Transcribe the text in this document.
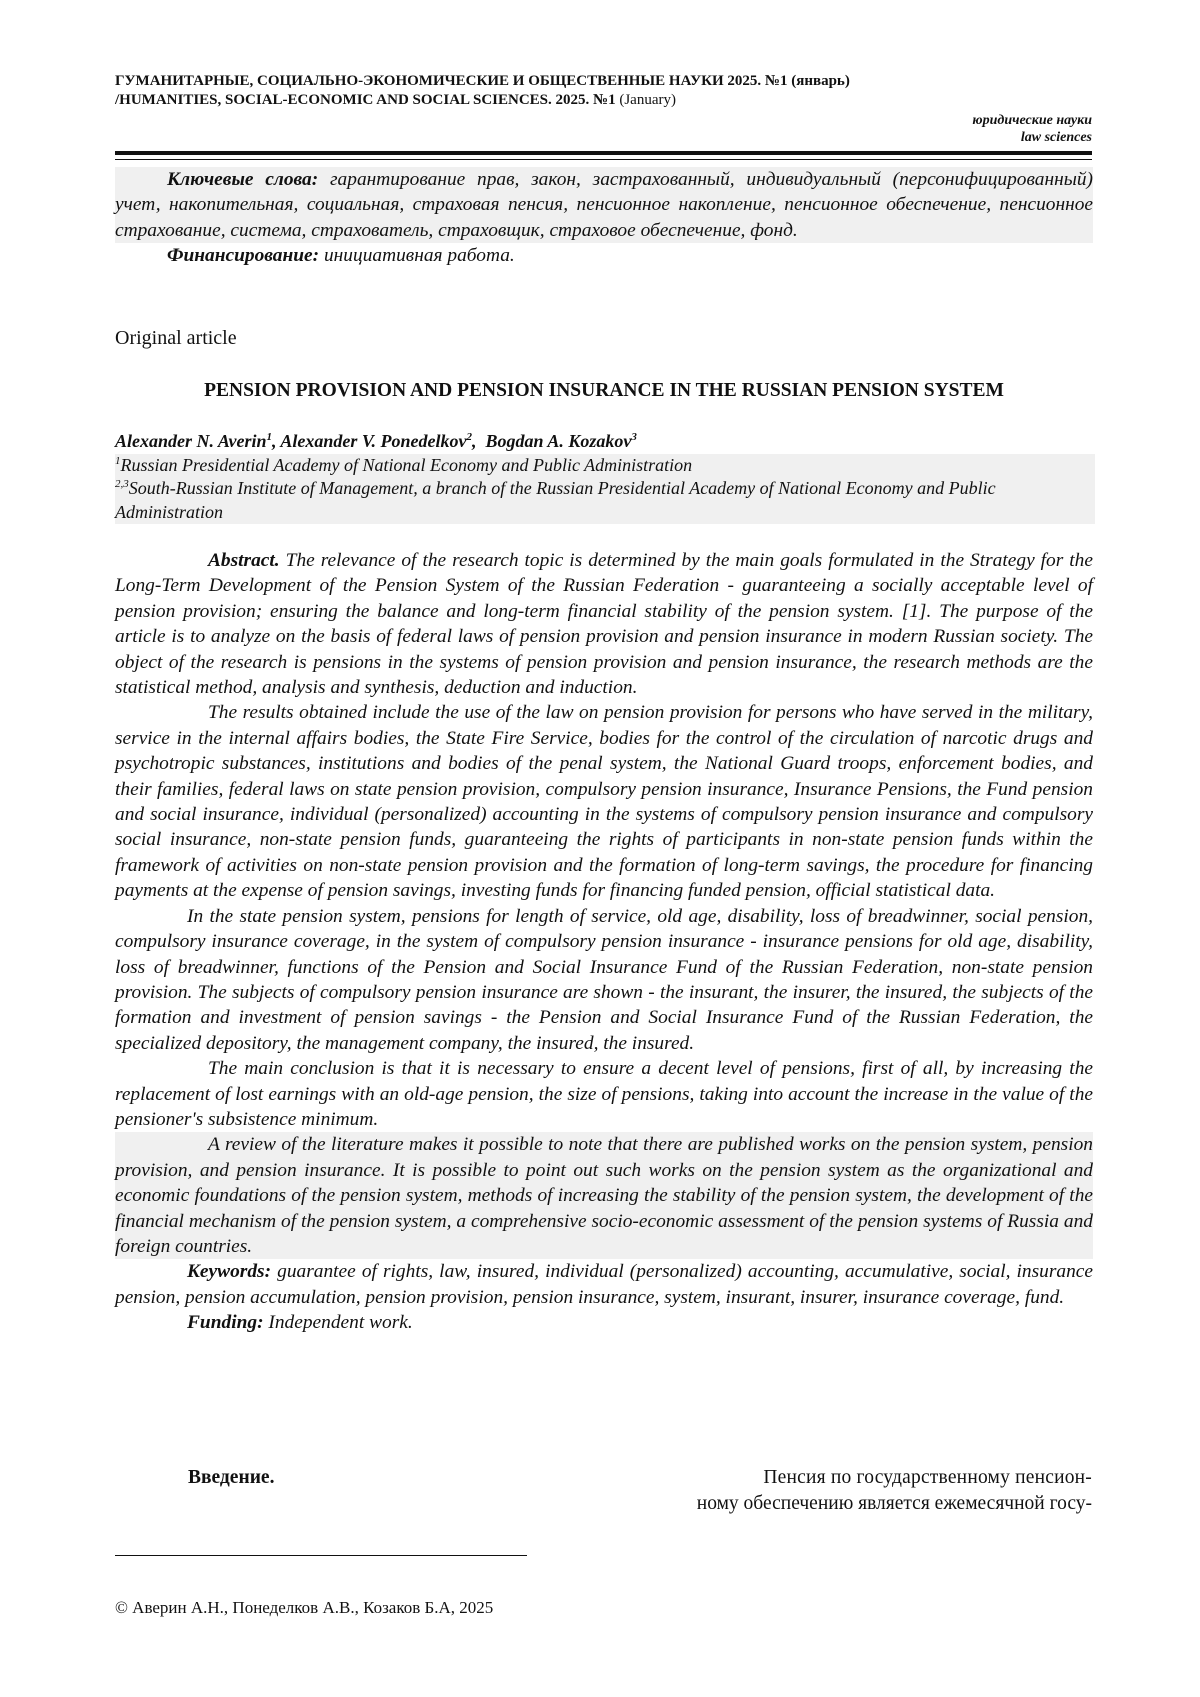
ГУМАНИТАРНЫЕ, СОЦИАЛЬНО-ЭКОНОМИЧЕСКИЕ И ОБЩЕСТВЕННЫЕ НАУКИ 2025. №1 (январь)
/HUMANITIES, SOCIAL-ECONOMIC AND SOCIAL SCIENCES. 2025. №1 (January)
юридические науки
law sciences

Ключевые слова: гарантирование прав, закон, застрахованный, индивидуальный (персонифицированный) учет, накопительная, социальная, страховая пенсия, пенсионное накопление, пенсионное обеспечение, пенсионное страхование, система, страхователь, страховщик, страховое обеспечение, фонд.

Финансирование: инициативная работа.

Original article
PENSION PROVISION AND PENSION INSURANCE IN THE RUSSIAN PENSION SYSTEM
Alexander N. Averin$^1$, Alexander V. Ponedelkov$^2$,  Bogdan A. Kozakov$^3$
$^1$Russian Presidential Academy of National Economy and Public Administration
$^{2,3}$South-Russian Institute of Management, a branch of the Russian Presidential Academy of National Economy and Public Administration

Abstract. The relevance of the research topic is determined by the main goals formulated in the Strategy for the Long-Term Development of the Pension System of the Russian Federation - guaranteeing a socially acceptable level of pension provision; ensuring the balance and long-term financial stability of the pension system. [1]. The purpose of the article is to analyze on the basis of federal laws of pension provision and pension insurance in modern Russian society. The object of the research is pensions in the systems of pension provision and pension insurance, the research methods are the statistical method, analysis and synthesis, deduction and induction.

The results obtained include the use of the law on pension provision for persons who have served in the military, service in the internal affairs bodies, the State Fire Service, bodies for the control of the circulation of narcotic drugs and psychotropic substances, institutions and bodies of the penal system, the National Guard troops, enforcement bodies, and their families, federal laws on state pension provision, compulsory pension insurance, Insurance Pensions, the Fund pension and social insurance, individual (personalized) accounting in the systems of compulsory pension insurance and compulsory social insurance, non-state pension funds, guaranteeing the rights of participants in non-state pension funds within the framework of activities on non-state pension provision and the formation of long-term savings, the procedure for financing payments at the expense of pension savings, investing funds for financing funded pension, official statistical data.

In the state pension system, pensions for length of service, old age, disability, loss of breadwinner, social pension, compulsory insurance coverage, in the system of compulsory pension insurance - insurance pensions for old age, disability, loss of breadwinner, functions of the Pension and Social Insurance Fund of the Russian Federation, non-state pension provision. The subjects of compulsory pension insurance are shown - the insurant, the insurer, the insured, the subjects of the formation and investment of pension savings - the Pension and Social Insurance Fund of the Russian Federation, the specialized depository, the management company, the insured, the insured.

The main conclusion is that it is necessary to ensure a decent level of pensions, first of all, by increasing the replacement of lost earnings with an old-age pension, the size of pensions, taking into account the increase in the value of the pensioner's subsistence minimum.

A review of the literature makes it possible to note that there are published works on the pension system, pension provision, and pension insurance. It is possible to point out such works on the pension system as the organizational and economic foundations of the pension system, methods of increasing the stability of the pension system, the development of the financial mechanism of the pension system, a comprehensive socio-economic assessment of the pension systems of Russia and foreign countries.

Keywords: guarantee of rights, law, insured, individual (personalized) accounting, accumulative, social, insurance pension, pension accumulation, pension provision, pension insurance, system, insurant, insurer, insurance coverage, fund.

Funding: Independent work.

Введение.	Пенсия по государственному пенсион-
ному обеспечению является ежемесячной госу-
© Аверин А.Н., Понеделков А.В., Козаков Б.А, 2025
